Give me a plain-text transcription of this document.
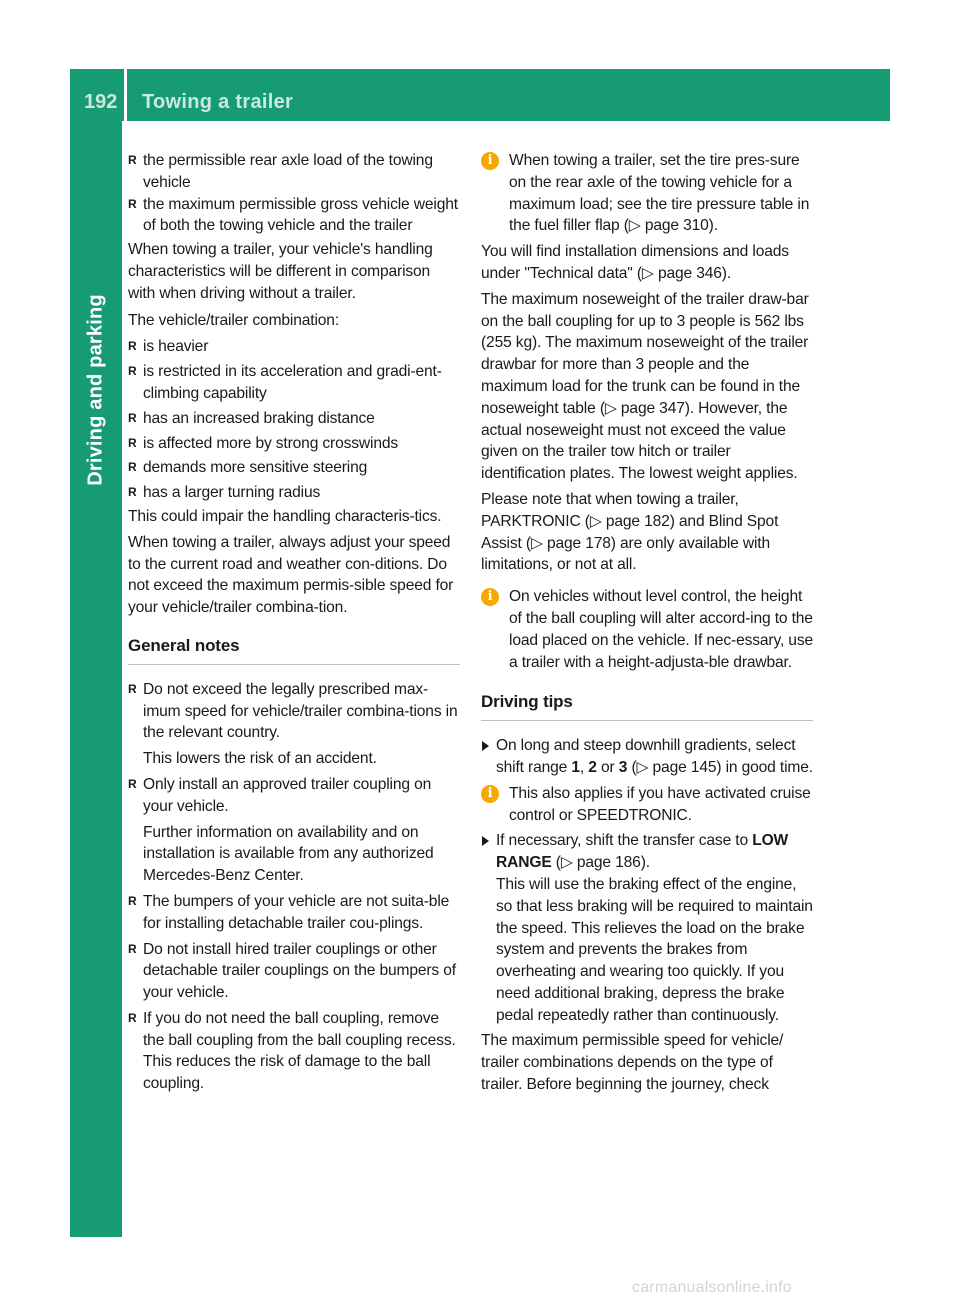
192	Towing a trailer
Driving and parking
carmanualsonline.info

R the permissible rear axle load of the towing vehicle

R the maximum permissible gross vehicle weight of both the towing vehicle and the trailer

When towing a trailer, your vehicle's handling characteristics will be different in comparison with when driving without a trailer.

The vehicle/trailer combination:

R is heavier

R is restricted in its acceleration and gradi-ent-climbing capability

R has an increased braking distance

R is affected more by strong crosswinds

R demands more sensitive steering

R has a larger turning radius

This could impair the handling characteris-tics.

When towing a trailer, always adjust your speed to the current road and weather con-ditions. Do not exceed the maximum permis-sible speed for your vehicle/trailer combina-tion.

General notes

R Do not exceed the legally prescribed max-imum speed for vehicle/trailer combina-tions in the relevant country.

This lowers the risk of an accident.

R Only install an approved trailer coupling on your vehicle.

Further information on availability and on installation is available from any authorized Mercedes-Benz Center.

R The bumpers of your vehicle are not suita-ble for installing detachable trailer cou-plings.

R Do not install hired trailer couplings or other detachable trailer couplings on the bumpers of your vehicle.

R If you do not need the ball coupling, remove the ball coupling from the ball coupling recess. This reduces the risk of damage to the ball coupling.

i	When towing a trailer, set the tire pres-sure on the rear axle of the towing vehicle for a maximum load; see the tire pressure table in the fuel filler flap (▷ page 310).

You will find installation dimensions and loads under "Technical data" (▷ page 346).

The maximum noseweight of the trailer draw-bar on the ball coupling for up to 3 people is 562 lbs (255 kg). The maximum noseweight of the trailer drawbar for more than 3 people and the maximum load for the trunk can be found in the noseweight table (▷ page 347). However, the actual noseweight must not exceed the value given on the trailer tow hitch or trailer identification plates. The lowest weight applies.

Please note that when towing a trailer, PARKTRONIC (▷ page 182) and Blind Spot Assist (▷ page 178) are only available with limitations, or not at all.

i	On vehicles without level control, the height of the ball coupling will alter accord-ing to the load placed on the vehicle. If nec-essary, use a trailer with a height-adjusta-ble drawbar.

Driving tips

On long and steep downhill gradients, select shift range 1, 2 or 3 (▷ page 145) in good time.

i	This also applies if you have activated cruise control or SPEEDTRONIC.

If necessary, shift the transfer case to LOW RANGE (▷ page 186).

This will use the braking effect of the engine, so that less braking will be required to maintain the speed. This relieves the load on the brake system and prevents the brakes from overheating and wearing too quickly. If you need additional braking, depress the brake pedal repeatedly rather than continuously.

The maximum permissible speed for vehicle/ trailer combinations depends on the type of trailer. Before beginning the journey, check
